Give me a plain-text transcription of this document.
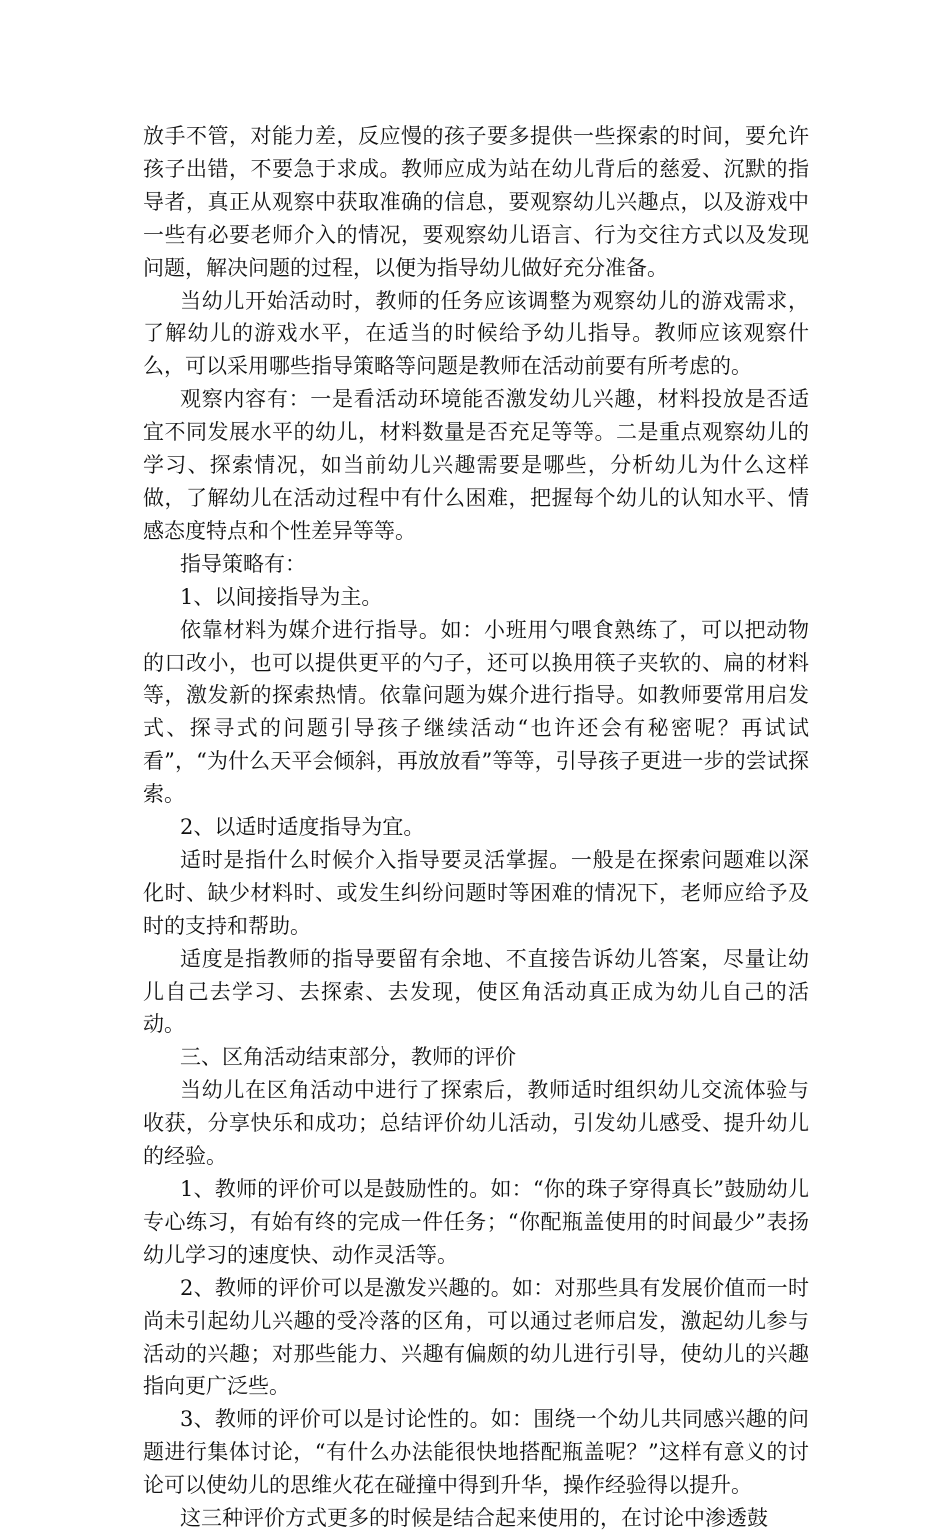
放手不管，对能力差，反应慢的孩子要多提供一些探索的时间，要允许孩子出错，不要急于求成。教师应成为站在幼儿背后的慈爱、沉默的指导者，真正从观察中获取准确的信息，要观察幼儿兴趣点，以及游戏中一些有必要老师介入的情况，要观察幼儿语言、行为交往方式以及发现问题，解决问题的过程，以便为指导幼儿做好充分准备。

当幼儿开始活动时，教师的任务应该调整为观察幼儿的游戏需求，了解幼儿的游戏水平，在适当的时候给予幼儿指导。教师应该观察什么，可以采用哪些指导策略等问题是教师在活动前要有所考虑的。

观察内容有：一是看活动环境能否激发幼儿兴趣，材料投放是否适宜不同发展水平的幼儿，材料数量是否充足等等。二是重点观察幼儿的学习、探索情况，如当前幼儿兴趣需要是哪些，分析幼儿为什么这样做，了解幼儿在活动过程中有什么困难，把握每个幼儿的认知水平、情感态度特点和个性差异等等。

指导策略有：

1、以间接指导为主。

依靠材料为媒介进行指导。如：小班用勺喂食熟练了，可以把动物的口改小，也可以提供更平的勺子，还可以换用筷子夹软的、扁的材料等，激发新的探索热情。依靠问题为媒介进行指导。如教师要常用启发式、探寻式的问题引导孩子继续活动“也许还会有秘密呢？再试试看”，“为什么天平会倾斜，再放放看”等等，引导孩子更进一步的尝试探索。

2、以适时适度指导为宜。

适时是指什么时候介入指导要灵活掌握。一般是在探索问题难以深化时、缺少材料时、或发生纠纷问题时等困难的情况下，老师应给予及时的支持和帮助。

适度是指教师的指导要留有余地、不直接告诉幼儿答案，尽量让幼儿自己去学习、去探索、去发现，使区角活动真正成为幼儿自己的活动。

三、区角活动结束部分，教师的评价

当幼儿在区角活动中进行了探索后，教师适时组织幼儿交流体验与收获，分享快乐和成功；总结评价幼儿活动，引发幼儿感受、提升幼儿的经验。

1、教师的评价可以是鼓励性的。如：“你的珠子穿得真长”鼓励幼儿专心练习，有始有终的完成一件任务；“你配瓶盖使用的时间最少”表扬幼儿学习的速度快、动作灵活等。

2、教师的评价可以是激发兴趣的。如：对那些具有发展价值而一时尚未引起幼儿兴趣的受冷落的区角，可以通过老师启发，激起幼儿参与活动的兴趣；对那些能力、兴趣有偏颇的幼儿进行引导，使幼儿的兴趣指向更广泛些。

3、教师的评价可以是讨论性的。如：围绕一个幼儿共同感兴趣的问题进行集体讨论，“有什么办法能很快地搭配瓶盖呢？”这样有意义的讨论可以使幼儿的思维火花在碰撞中得到升华，操作经验得以提升。

这三种评价方式更多的时候是结合起来使用的，在讨论中渗透鼓
